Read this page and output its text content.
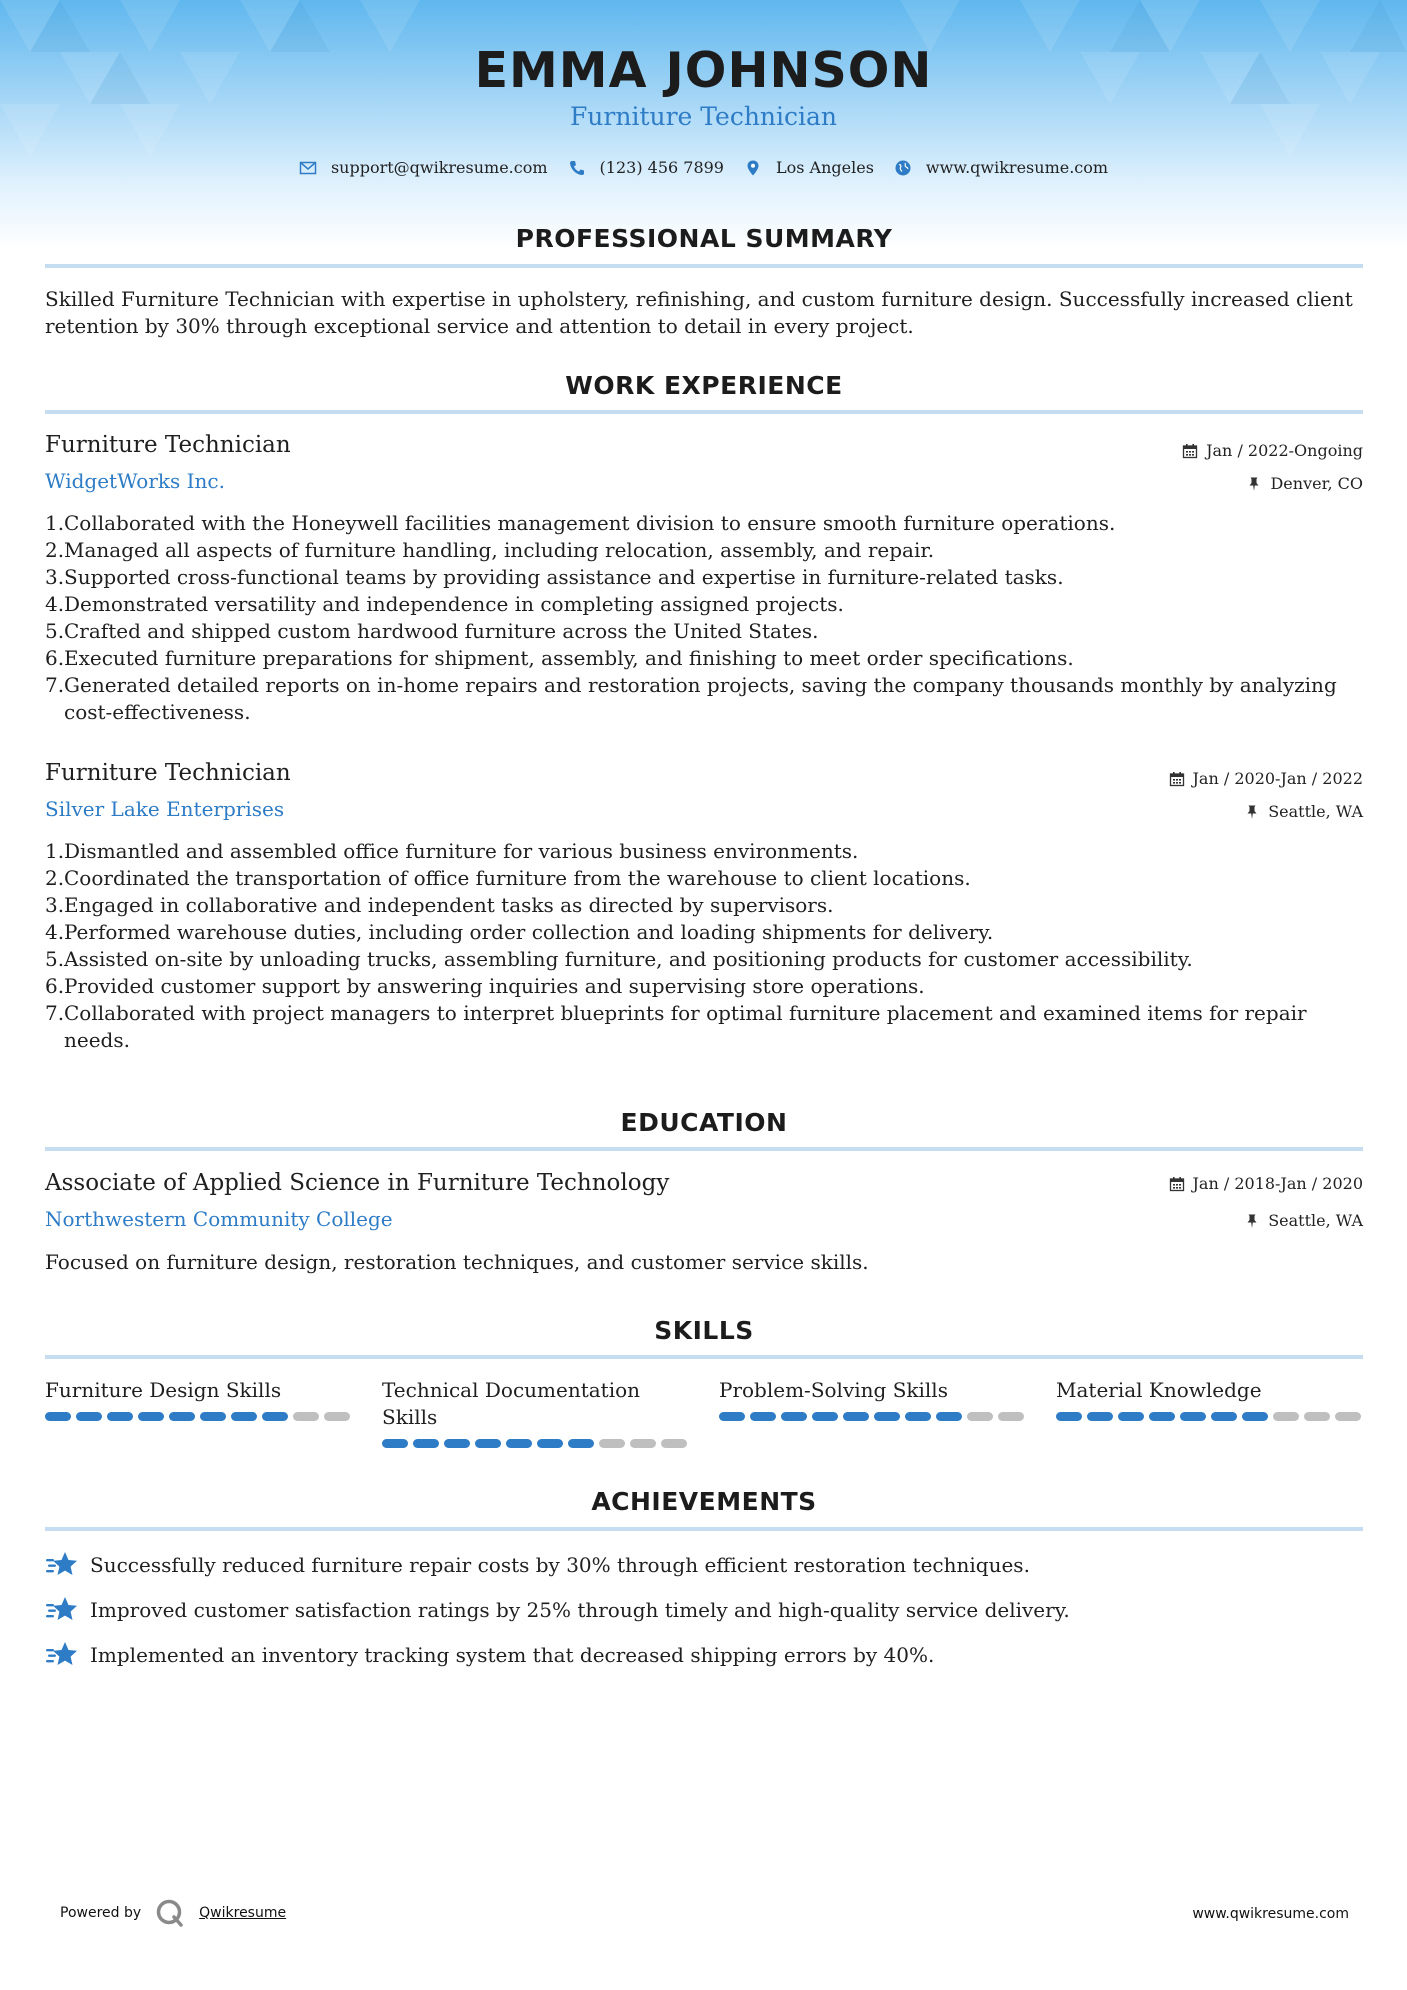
EMMA JOHNSON
Furniture Technician
support@qwikresume.com	(123) 456 7899	Los Angeles	www.qwikresume.com
PROFESSIONAL SUMMARY
Skilled Furniture Technician with expertise in upholstery, refinishing, and custom furniture design. Successfully increased client retention by 30% through exceptional service and attention to detail in every project.
WORK EXPERIENCE
Furniture Technician
WidgetWorks Inc.
Jan / 2022-Ongoing
Denver, CO
1. Collaborated with the Honeywell facilities management division to ensure smooth furniture operations.
2. Managed all aspects of furniture handling, including relocation, assembly, and repair.
3. Supported cross-functional teams by providing assistance and expertise in furniture-related tasks.
4. Demonstrated versatility and independence in completing assigned projects.
5. Crafted and shipped custom hardwood furniture across the United States.
6. Executed furniture preparations for shipment, assembly, and finishing to meet order specifications.
7. Generated detailed reports on in-home repairs and restoration projects, saving the company thousands monthly by analyzing cost-effectiveness.
Furniture Technician
Silver Lake Enterprises
Jan / 2020-Jan / 2022
Seattle, WA
1. Dismantled and assembled office furniture for various business environments.
2. Coordinated the transportation of office furniture from the warehouse to client locations.
3. Engaged in collaborative and independent tasks as directed by supervisors.
4. Performed warehouse duties, including order collection and loading shipments for delivery.
5. Assisted on-site by unloading trucks, assembling furniture, and positioning products for customer accessibility.
6. Provided customer support by answering inquiries and supervising store operations.
7. Collaborated with project managers to interpret blueprints for optimal furniture placement and examined items for repair needs.
EDUCATION
Associate of Applied Science in Furniture Technology
Northwestern Community College
Jan / 2018-Jan / 2020
Seattle, WA
Focused on furniture design, restoration techniques, and customer service skills.
SKILLS
Furniture Design Skills	Technical Documentation Skills
Problem-Solving Skills	Material Knowledge
ACHIEVEMENTS
Successfully reduced furniture repair costs by 30% through efficient restoration techniques.
Improved customer satisfaction ratings by 25% through timely and high-quality service delivery.
Implemented an inventory tracking system that decreased shipping errors by 40%.
Powered by	Qwikresume	www.qwikresume.com
